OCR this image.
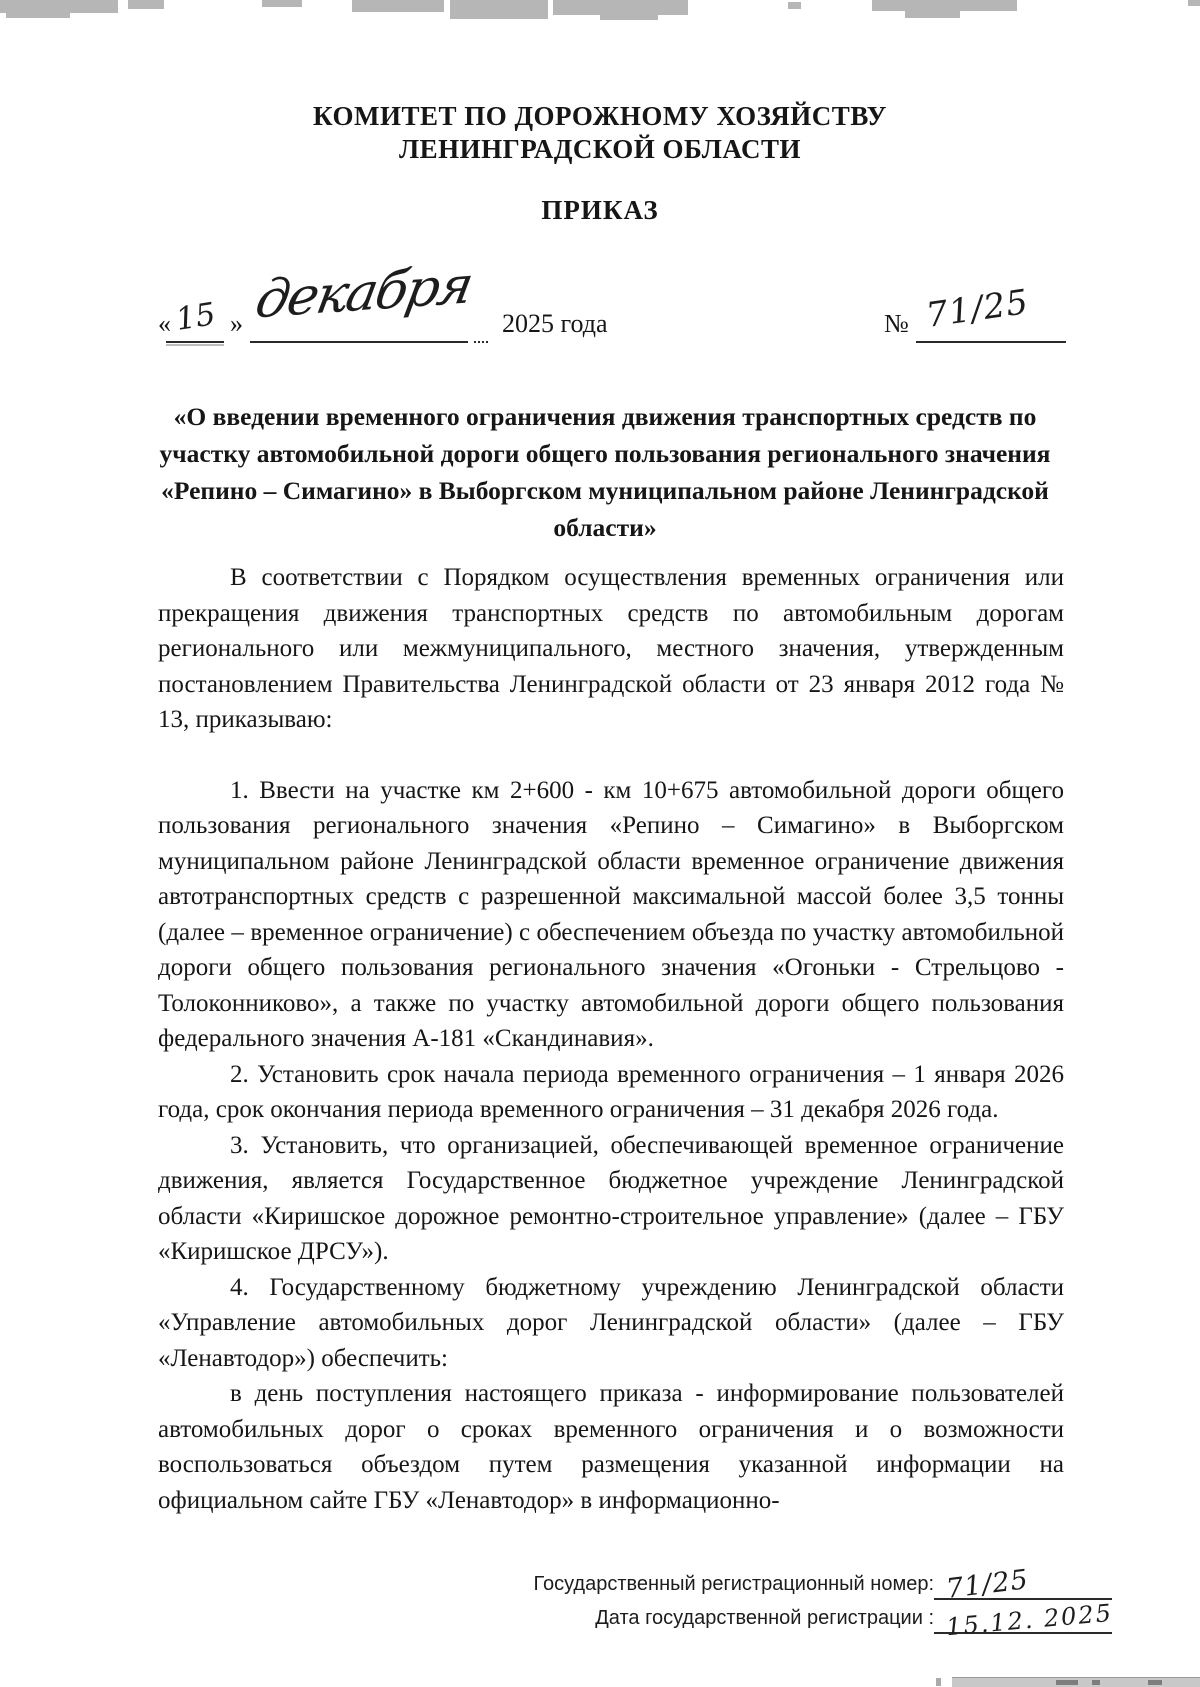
КОМИТЕТ ПО ДОРОЖНОМУ ХОЗЯЙСТВУ
ЛЕНИНГРАДСКОЙ ОБЛАСТИ
ПРИКАЗ
« 15 » декабря 2025 года	№ 71/25
«О введении временного ограничения движения транспортных средств по участку автомобильной дороги общего пользования регионального значения «Репино – Симагино» в Выборгском муниципальном районе Ленинградской области»

В соответствии с Порядком осуществления временных ограничения или прекращения движения транспортных средств по автомобильным дорогам регионального или межмуниципального, местного значения, утвержденным постановлением Правительства Ленинградской области от 23 января 2012 года № 13, приказываю:

1. Ввести на участке км 2+600 - км 10+675 автомобильной дороги общего пользования регионального значения «Репино – Симагино» в Выборгском муниципальном районе Ленинградской области временное ограничение движения автотранспортных средств с разрешенной максимальной массой более 3,5 тонны (далее – временное ограничение) с обеспечением объезда по участку автомобильной дороги общего пользования регионального значения «Огоньки - Стрельцово - Толоконниково», а также по участку автомобильной дороги общего пользования федерального значения А-181 «Скандинавия».

2. Установить срок начала периода временного ограничения – 1 января 2026 года, срок окончания периода временного ограничения – 31 декабря 2026 года.

3. Установить, что организацией, обеспечивающей временное ограничение движения, является Государственное бюджетное учреждение Ленинградской области «Киришское дорожное ремонтно-строительное управление» (далее – ГБУ «Киришское ДРСУ»).

4. Государственному бюджетному учреждению Ленинградской области «Управление автомобильных дорог Ленинградской области» (далее – ГБУ «Ленавтодор») обеспечить:

в день поступления настоящего приказа - информирование пользователей автомобильных дорог о сроках временного ограничения и о возможности воспользоваться объездом путем размещения указанной информации на официальном сайте ГБУ «Ленавтодор» в информационно-

Государственный регистрационный номер: 71/25
Дата государственной регистрации : 15.12. 2025
